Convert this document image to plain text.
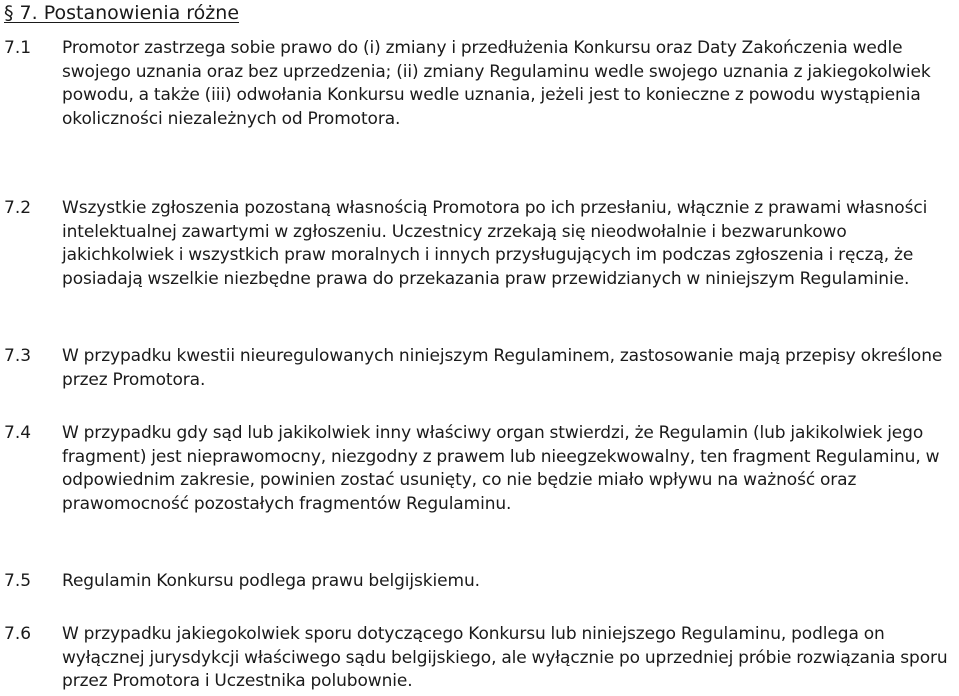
§ 7. Postanowienia różne
7.1 Promotor zastrzega sobie prawo do (i) zmiany i przedłużenia Konkursu oraz Daty Zakończenia wedle swojego uznania oraz bez uprzedzenia; (ii) zmiany Regulaminu wedle swojego uznania z jakiegokolwiek powodu, a także (iii) odwołania Konkursu wedle uznania, jeżeli jest to konieczne z powodu wystąpienia okoliczności niezależnych od Promotora.
7.2 Wszystkie zgłoszenia pozostaną własnością Promotora po ich przesłaniu, włącznie z prawami własności intelektualnej zawartymi w zgłoszeniu. Uczestnicy zrzekają się nieodwołalnie i bezwarunkowo jakichkolwiek i wszystkich praw moralnych i innych przysługujących im podczas zgłoszenia i ręczą, że posiadają wszelkie niezbędne prawa do przekazania praw przewidzianych w niniejszym Regulaminie.
7.3 W przypadku kwestii nieuregulowanych niniejszym Regulaminem, zastosowanie mają przepisy określone przez Promotora.
7.4 W przypadku gdy sąd lub jakikolwiek inny właściwy organ stwierdzi, że Regulamin (lub jakikolwiek jego fragment) jest nieprawomocny, niezgodny z prawem lub nieegzekwowalny, ten fragment Regulaminu, w odpowiednim zakresie, powinien zostać usunięty, co nie będzie miało wpływu na ważność oraz prawomocność pozostałych fragmentów Regulaminu.
7.5 Regulamin Konkursu podlega prawu belgijskiemu.
7.6 W przypadku jakiegokolwiek sporu dotyczącego Konkursu lub niniejszego Regulaminu, podlega on wyłącznej jurysdykcji właściwego sądu belgijskiego, ale wyłącznie po uprzedniej próbie rozwiązania sporu przez Promotora i Uczestnika polubownie.
